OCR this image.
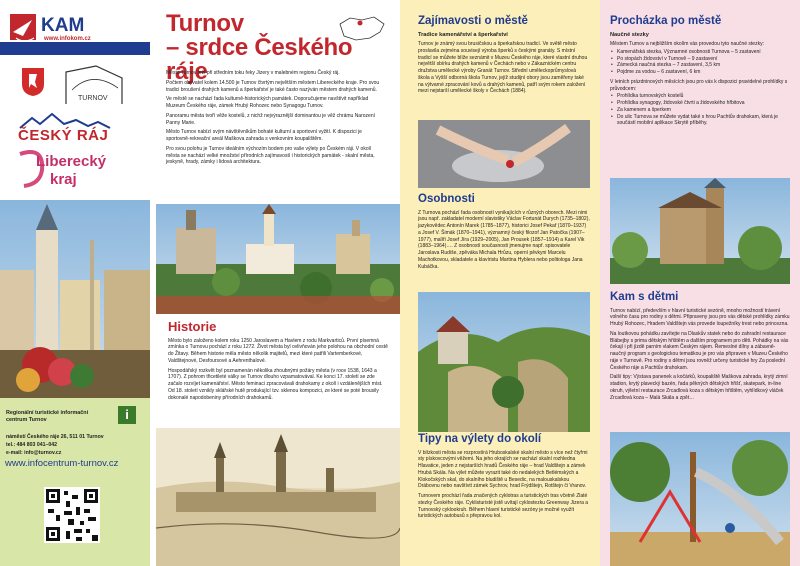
KAM
www.infokom.cz
TURNOV
ČESKÝ RÁJ
Liberecký
kraj
Regionální turistické informační
centrum Turnov	i
náměstí Českého ráje 26, 511 01 Turnov
tel.: 484 803 041–042
e-mail: info@turnov.cz
www.infocentrum-turnov.cz
Turnov
– srdce Českého ráje

Město Turnov leží při středním toku řeky Jizery v malebném regionu Český ráj.

Počtem obyvatel kolem 14.500 je Turnov čtvrtým největším městem Libereckého kraje. Pro svou tradici broušení drahých kamenů a šperkařství je také často nazýván městem drahých kamenů.

Ve městě se nachází řada kulturně-historických památek. Doporučujeme navštívit například Muzeum Českého ráje, zámek Hrubý Rohozec nebo Synagogu Turnov.

Panoramu města tvoří věže kostelů, z nichž nejvýraznější dominantou je věž chrámu Narození Panny Marie.

Město Turnov nabízí svým návštěvníkům bohaté kulturní a sportovní vyžití. K dispozici je sportovně-rekreační areál Maškova zahrada s venkovním koupalištěm.

Pro svou polohu je Turnov ideálním výchozím bodem pro vaše výlety po Českém ráji. V okolí města se nachází velké množství přírodních zajímavostí i historických památek - skalní města, jeskyně, hrady, zámky i lidová architektura.

Historie

Město bylo založeno kolem roku 1250 Jaroslavem a Havlem z rodu Markvarticů. První písemná zmínka o Turnovu pochází z roku 1272. Život města byl ovlivňován jeho polohou na obchodní cestě do Žitavy. Během historie měla město několik majitelů, mezi které patřili Vartemberkové, Valdštejnové, Desfoursové a Aehrenthalové.

Hospodářský rozkvět byl poznamenán několika zhoubnými požáry města (v roce 1538, 1643 a 1707). Z pohrom třicetileté války se Turnov dlouho vzpamatovával. Ke konci 17. století se zde začalo rozvíjet kamenářství. Město feminaci zpracovávali drahokamy z okolí i vzdálenějších míst. Od 18. století vznikly sklářské hutě produkující tzv. sklenou kompozici, ze které se poté brousily dokonalé napodobeniny přírodních drahokamů.

Zajímavosti o městě
Tradice kamenářství a šperkařství

Turnov je známý svou brusičskou a šperkařskou tradicí. Ve světě město proslavila zejména souvisejí výroba šperků s českými granáty. S místní tradicí se můžete blíže seznámit v Muzeu Českého ráje, které vlastní druhou největší sbírku drahých kamenů v Čechách nebo v Zákaznickém centru družstva umělecké výroby Granát Turnov. Střední uměleckoprůmyslová škola a Vyšší odborná škola Turnov, jejíž studijní obory jsou zaměřeny také na výtvarné zpracování kovů a drahých kamenů, patří svým rokem založení mezi nejstarší umělecké školy v Čechách (1884).

Osobnosti

Z Turnova pochází řada osobností vynikajících v různých oborech. Mezi nimi jsou např. zakladatel moderní slavistiky Václav Fortunát Durych (1735–1802), jazykovědec Antonín Marek (1785–1877), historici Josef Pekař (1870–1937) a Josef V. Šimák (1870–1941), významný český filozof Jan Patočka (1907–1977), malíři Josef Jíra (1929–2005), Jan Prousek (1857–1914) a Karel Vik (1883–1964)…. Z osobností současnosti jmenujme např. spisovatele Jaroslava Rudiše, zpěváka Michala Hrůzu, operní pěvkyni Marcelu Machotkovou, skladatele a klavíristu Martina Hyblera nebo politologa Jana Kubáčka.

Tipy na výlety do okolí

V blízkosti města se rozprostírá Hruboskalské skalní město s více než čtyřmi sty pískovcovými věžemi. Na jeho okrajích se nachází skalní rozhledna Hlavatice, jeden z nejstarších hradů Českého ráje – hrad Valdštejn a zámek Hrubá Skála. Na výlet můžete vyrazit také do nedalekých Betlémských a Klokočských skal, do skalního bludiště u Besedic, na malouskalskou Drábovnu nebo navštívit zámek Sychrov, hrad Frýdštejn, Rotštejn či Vranov.

Turnovem prochází řada značených cyklotras a turistických tras včetně Zlaté stezky Českého ráje. Cyklisturisté jistě uvítají cyklostezku Greenway Jizera a Turnovský cyklookruh. Během hlavní turistické sezóny je možné využít turistických autobusů s přepravou kol.

Procházka po městě
Naučné stezky

Městem Turnov a nejbližším okolím vás provedou tyto naučné stezky:

• Kamenářská stezka, Významné osobnosti Turnova – 5 zastavení
• Po stopách židovství v Turnově – 9 zastavení
• Zámecká naučná stezka – 7 zastavení, 3,5 km
• Pojdme za vodou – 6 zastavení, 6 km

V letních prázdninových měsících jsou pro vás k dispozici pravidelné prohlídky s průvodcem:

• Prohlídka turnovských kostelů
• Prohlídka synagogy, židovské čtvrti a židovského hřbitova
• Za kamenem a šperkem
• Do ulic Turnova se můžete vydat také s hrou Pachtův drahokam, která je součástí mobilní aplikace Skrytě příběhy.
Kam s dětmi

Turnov nabízí, především v hlavní turistické sezóně, mnoho možností trávení volného času pro rodiny s dětmi. Připraveny jsou pro vás dětské prohlídky zámku Hrubý Rohozec, Hradem Valdštejn vás provede loupežníky trest nebo princezna.

Na loutkovou pohádku zavítejte na Dlaskův statek nebo do zahradní restaurace Blábejby s prima dětským hřištěm a dalším programem pro děti. Pohádky na vás čekají i při jízdě parním vlakem Českým rájem. Řemeslné dílny a zábavně-naučný program s geologickou tematikou je pro vás připraven v Muzeu Českého ráje v Turnově. Pro rodiny s dětmi jsou rovněž určeny turistické hry Za poslední Českého ráje a Pachtův drahokam.

Další tipy: Výstava panenek a kočárků, koupaliště Maškova zahrada, krytý zimní stadion, krytý plavecký bazén, řada pěkných dětských hřišť, skatepark, in-line okruh, výletní restaurace Zrcadlová koza s dětským hřištěm, vyhlídkový vláček Zrcadlová koza – Malá Skála a zpět…
